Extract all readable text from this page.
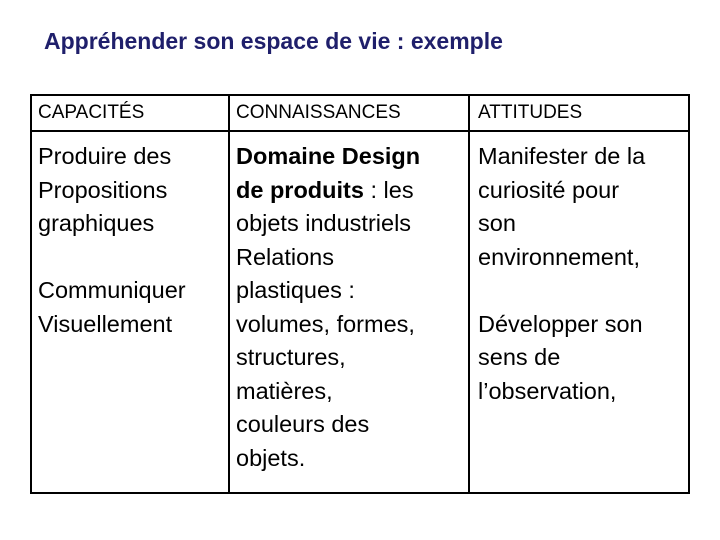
Appréhender son espace de vie : exemple
CAPACITÉS	CONNAISSANCES	ATTITUDES
Produire des
Propositions
graphiques
Communiquer
Visuellement
Domaine Design
de produits : les
objets industriels
Relations
plastiques :
volumes, formes,
structures,
matières,
couleurs des
objets.
Manifester de la
curiosité pour
son
environnement,
Développer son
sens de
l’observation,
